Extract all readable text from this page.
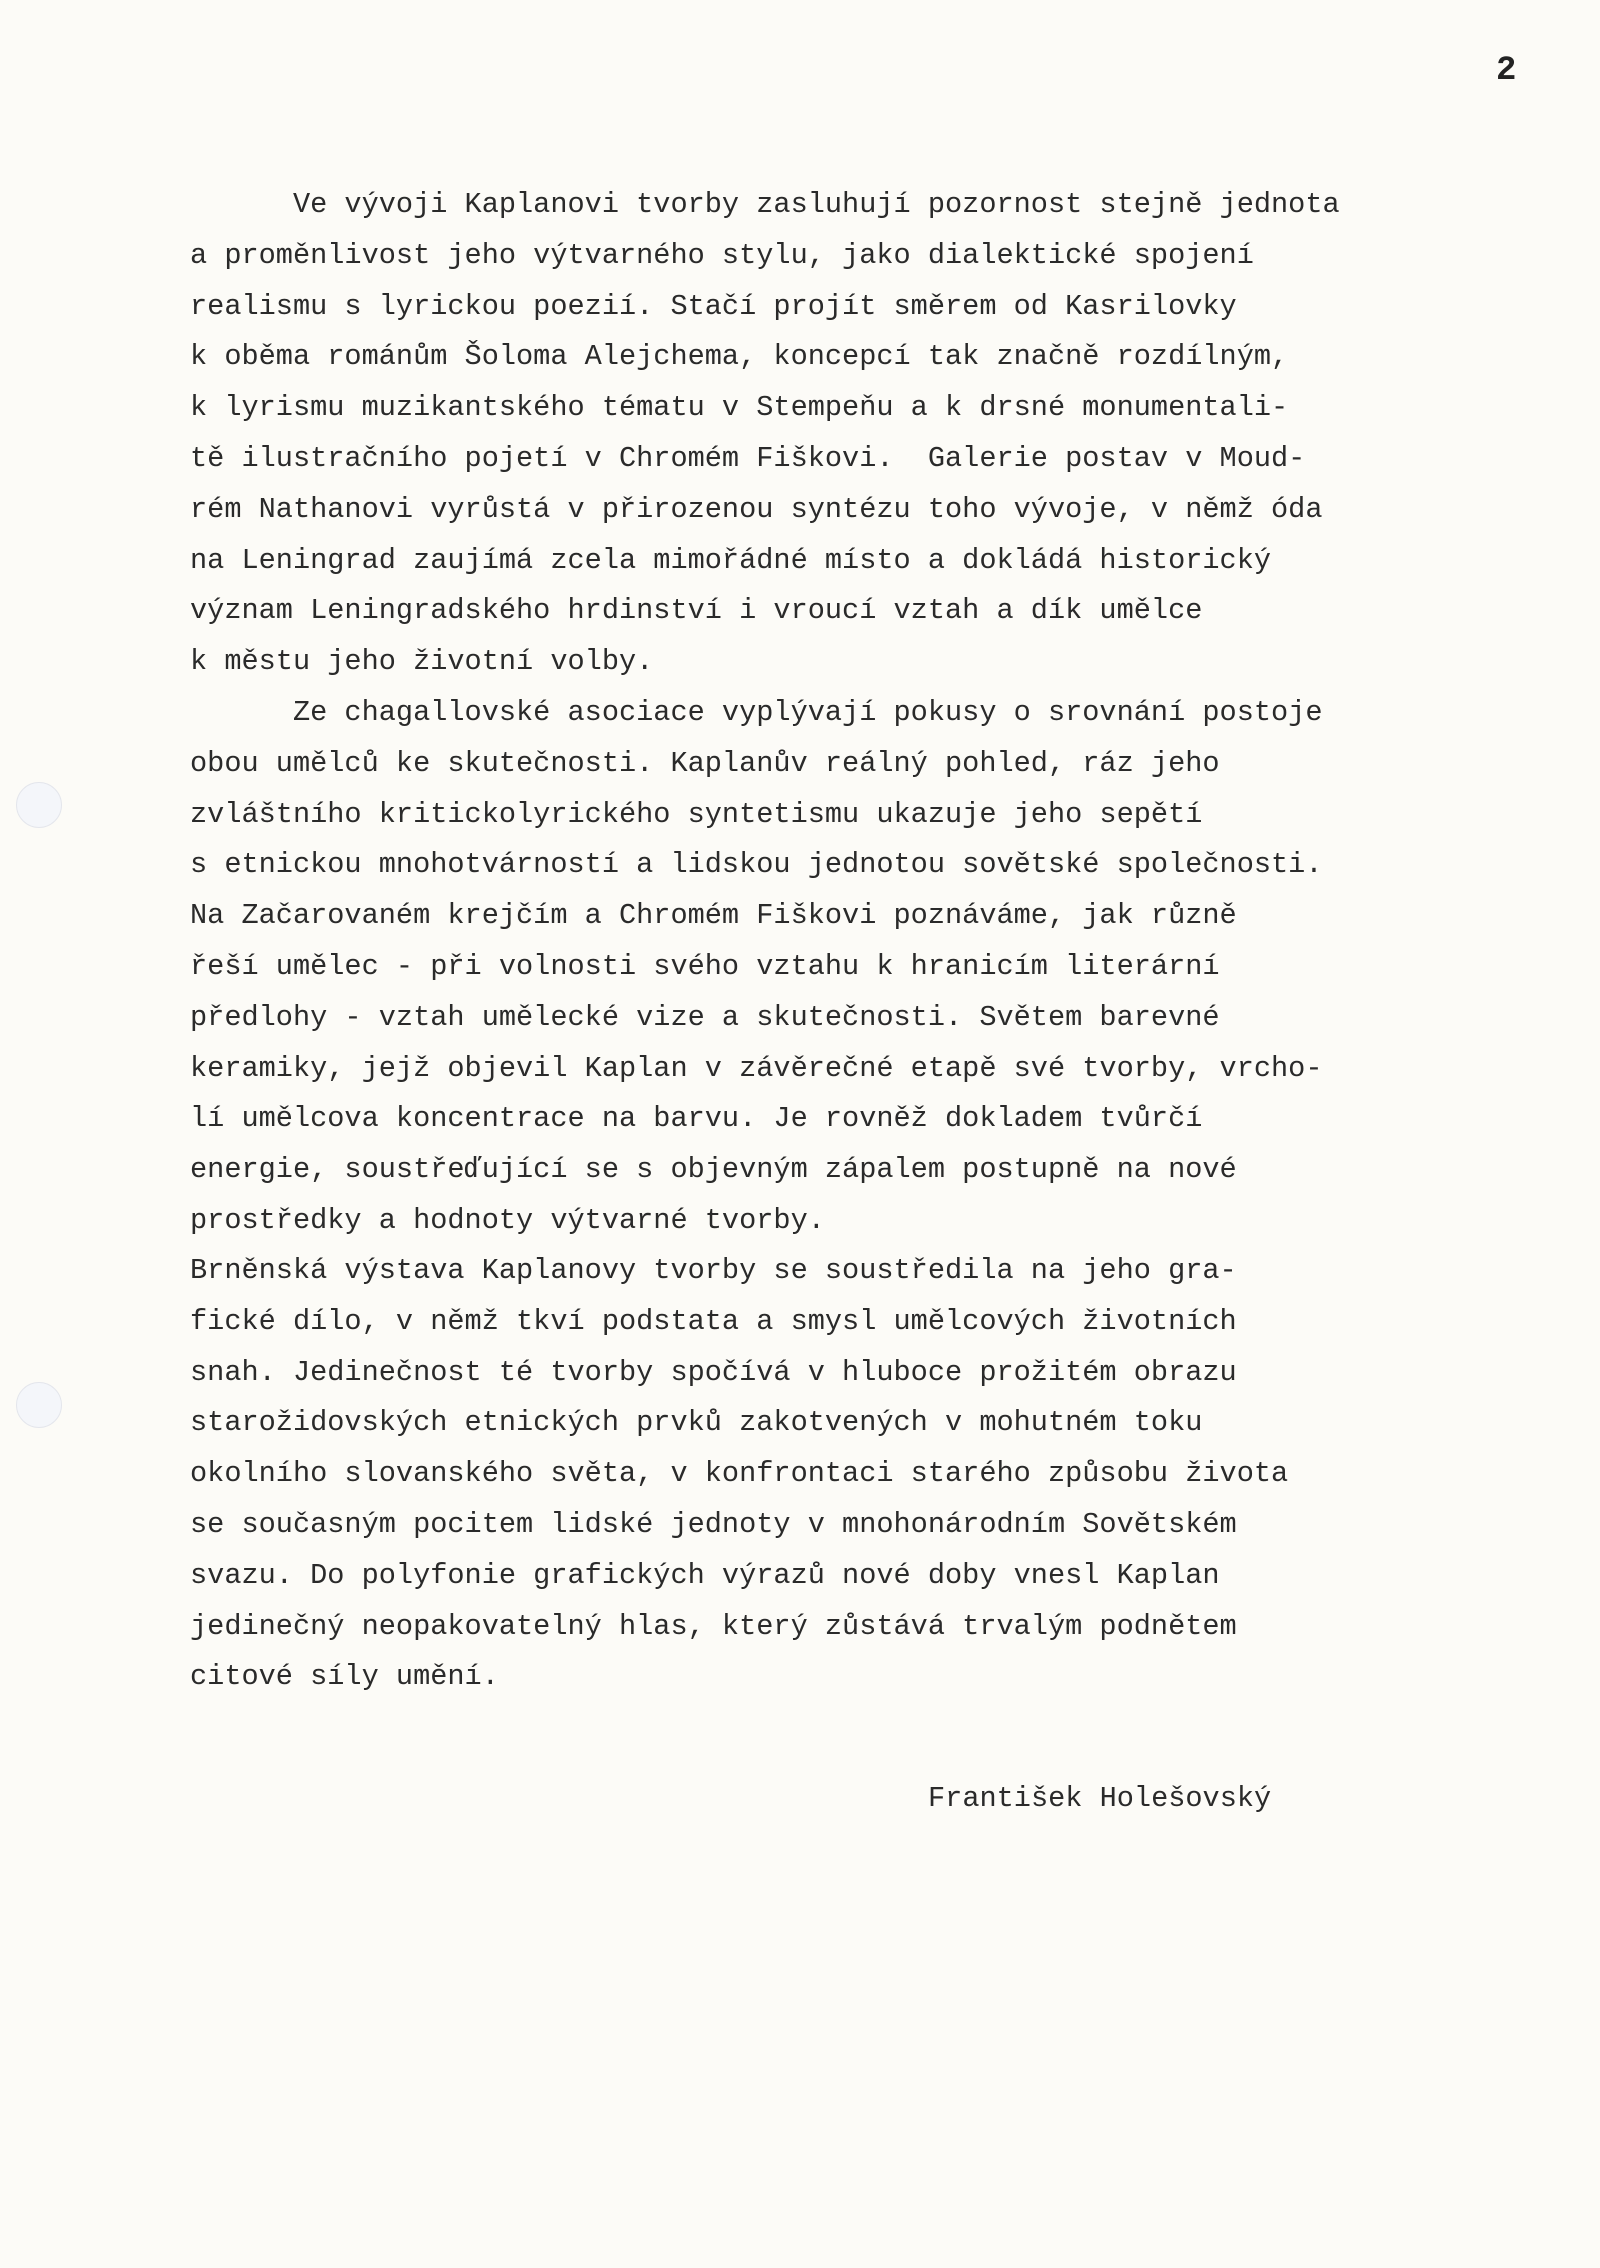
2
Ve vývoji Kaplanovi tvorby zasluhují pozornost stejně jednota
a proměnlivost jeho výtvarného stylu, jako dialektické spojení
realismu s lyrickou poezií. Stačí projít směrem od Kasrilovky
k oběma románům Šoloma Alejchema, koncepcí tak značně rozdílným,
k lyrismu muzikantského tématu v Stempeňu a k drsné monumentali-
tě ilustračního pojetí v Chromém Fiškovi.  Galerie postav v Moud-
rém Nathanovi vyrůstá v přirozenou syntézu toho vývoje, v němž óda
na Leningrad zaujímá zcela mimořádné místo a dokládá historický
význam Leningradského hrdinství i vroucí vztah a dík umělce
k městu jeho životní volby.
Ze chagallovské asociace vyplývají pokusy o srovnání postoje
obou umělců ke skutečnosti. Kaplanův reálný pohled, ráz jeho
zvláštního kritickolyrického syntetismu ukazuje jeho sepětí
s etnickou mnohotvárností a lidskou jednotou sovětské společnosti.
Na Začarovaném krejčím a Chromém Fiškovi poznáváme, jak různě
řeší umělec - při volnosti svého vztahu k hranicím literární
předlohy - vztah umělecké vize a skutečnosti. Světem barevné
keramiky, jejž objevil Kaplan v závěrečné etapě své tvorby, vrcho-
lí umělcova koncentrace na barvu. Je rovněž dokladem tvůrčí
energie, soustřeďující se s objevným zápalem postupně na nové
prostředky a hodnoty výtvarné tvorby.
Brněnská výstava Kaplanovy tvorby se soustředila na jeho gra-
fické dílo, v němž tkví podstata a smysl umělcových životních
snah. Jedinečnost té tvorby spočívá v hluboce prožitém obrazu
starožidovských etnických prvků zakotvených v mohutném toku
okolního slovanského světa, v konfrontaci starého způsobu života
se současným pocitem lidské jednoty v mnohonárodním Sovětském
svazu. Do polyfonie grafických výrazů nové doby vnesl Kaplan
jedinečný neopakovatelný hlas, který zůstává trvalým podnětem
citové síly umění.
František Holešovský
